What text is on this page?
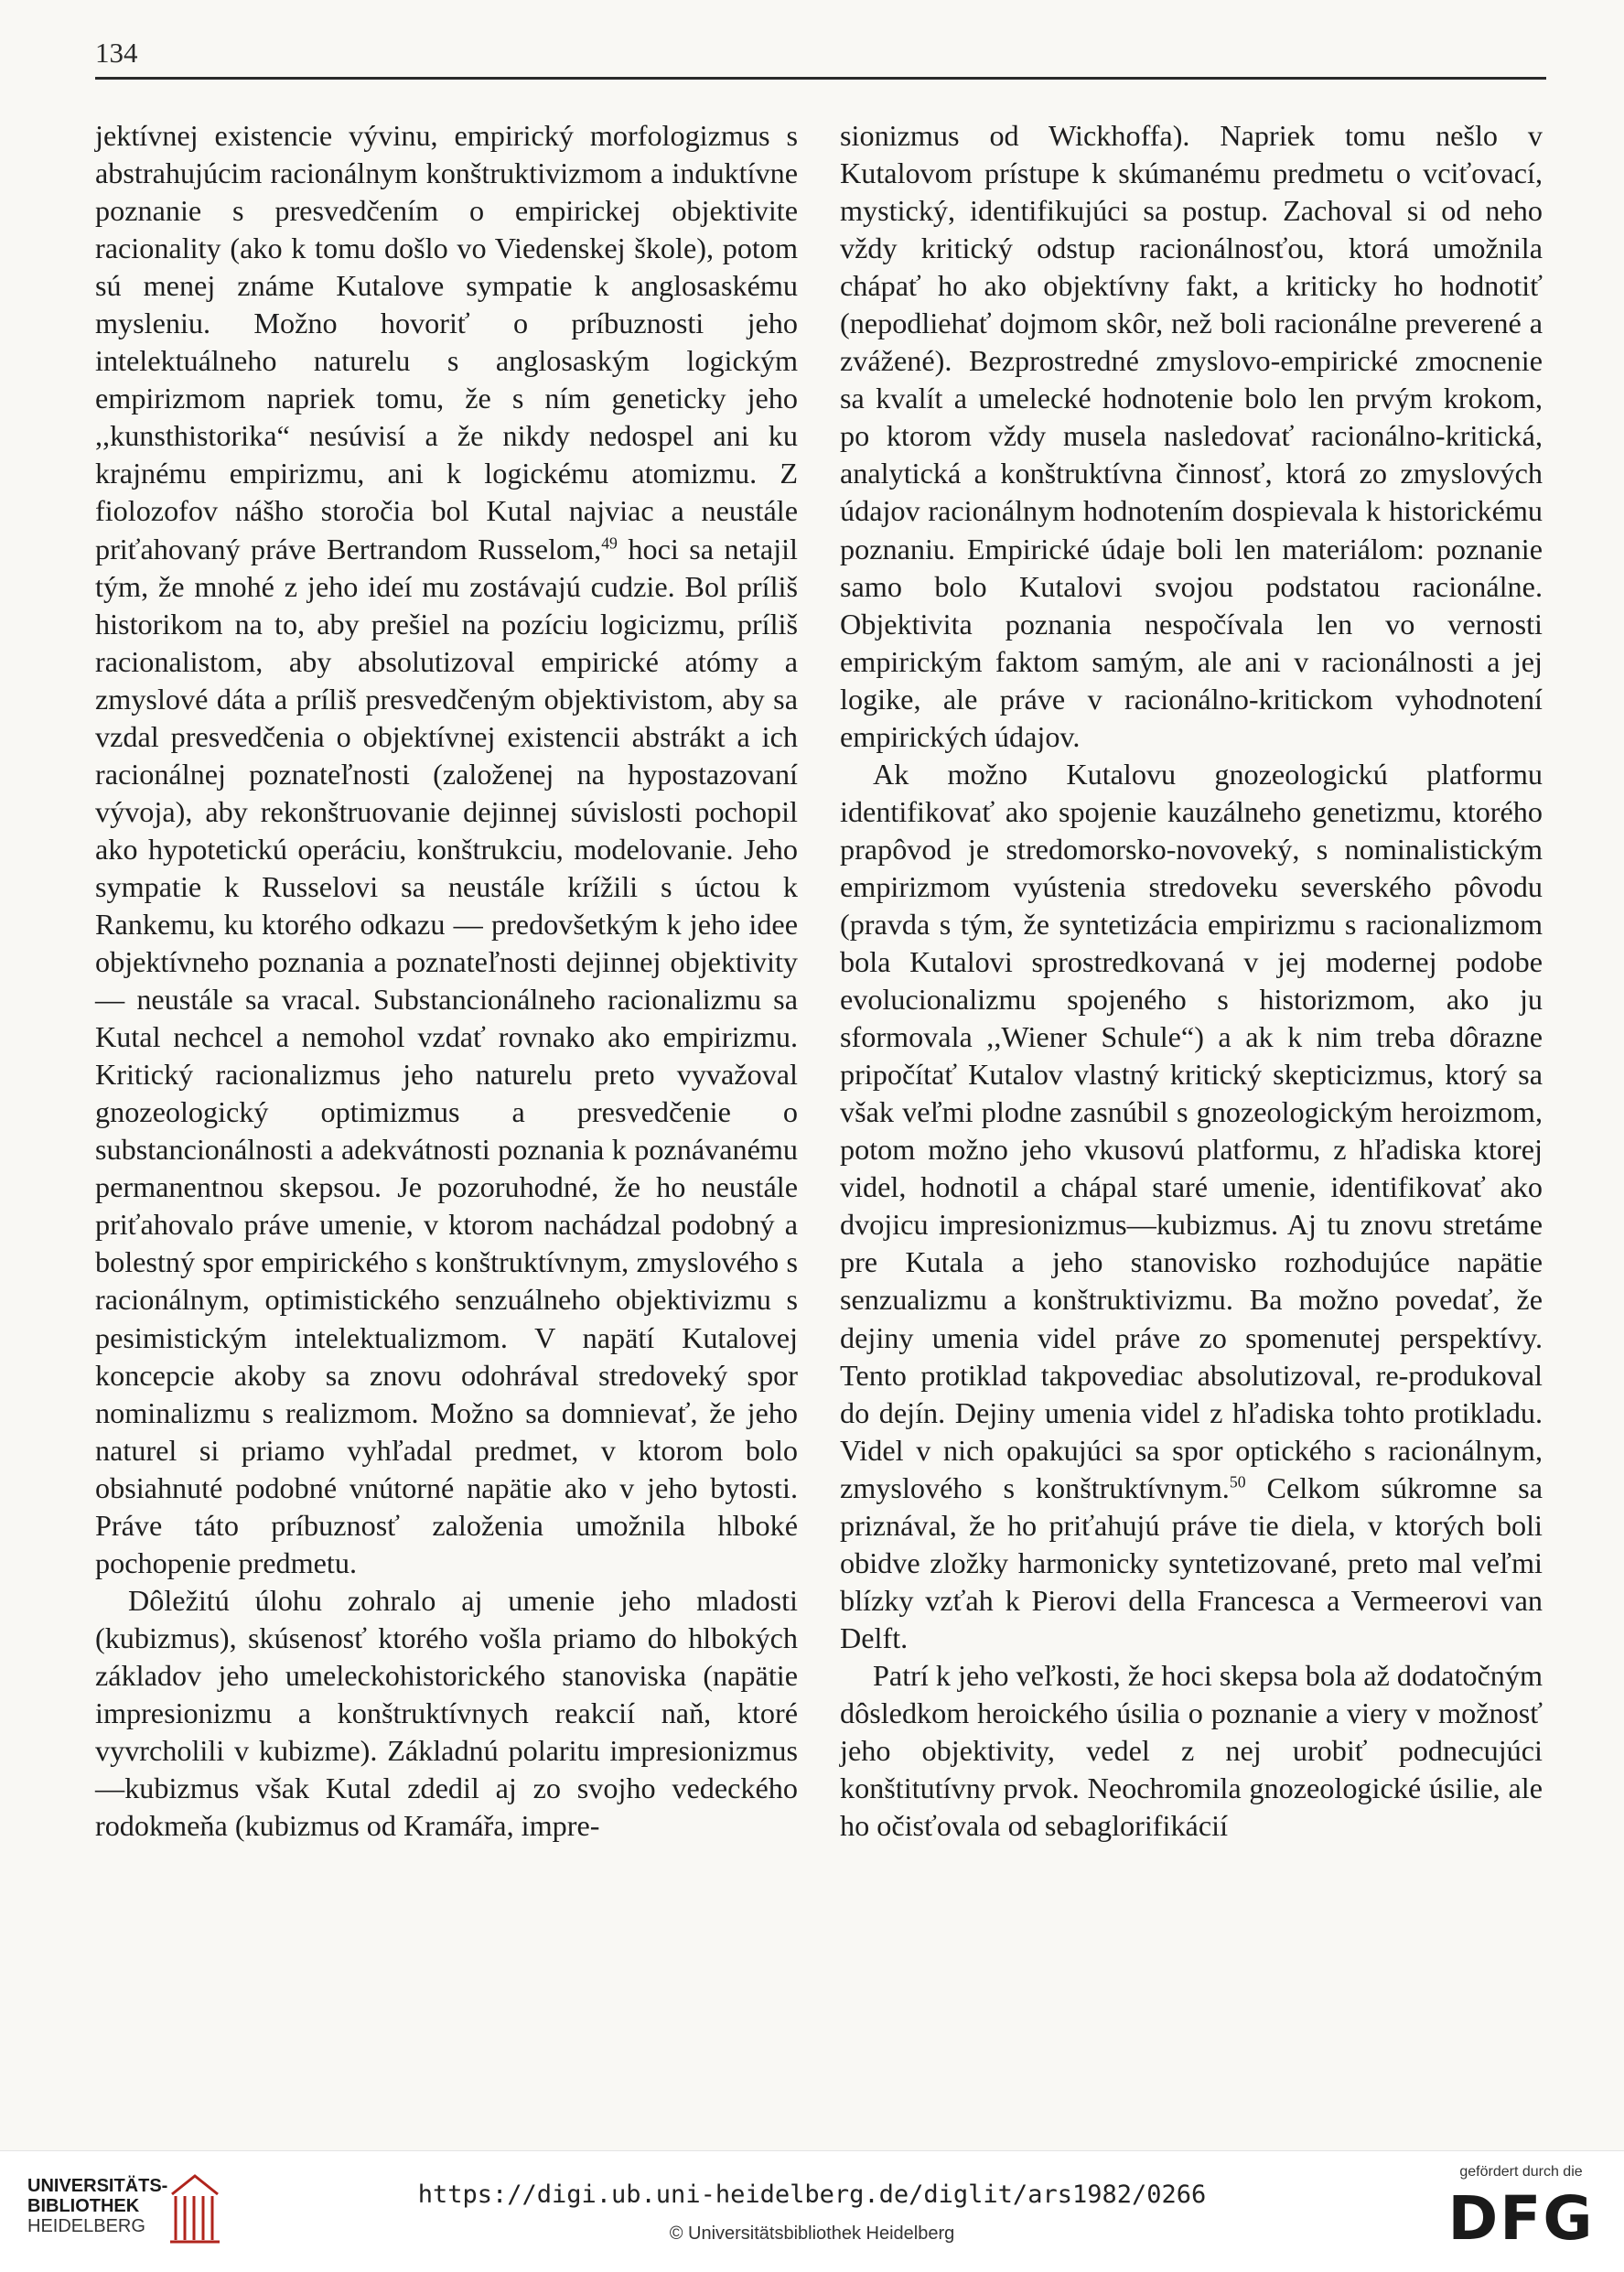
134

jektívnej existencie vývinu, empirický morfologizmus s abstrahujúcim racionálnym konštruktivizmom a induktívne poznanie s presvedčením o empirickej objektivite racionality (ako k tomu došlo vo Viedenskej škole), potom sú menej známe Kutalove sympatie k anglosaskému mysleniu. Možno hovoriť o príbuznosti jeho intelektuálneho naturelu s anglosaským logickým empirizmom napriek tomu, že s ním geneticky jeho ,,kunsthistorika“ nesúvisí a že nikdy nedospel ani ku krajnému empirizmu, ani k logickému atomizmu. Z fiolozofov nášho storočia bol Kutal najviac a neustále priťahovaný práve Bertrandom Russelom,$^{49}$ hoci sa netajil tým, že mnohé z jeho ideí mu zostávajú cudzie. Bol príliš historikom na to, aby prešiel na pozíciu logicizmu, príliš racionalistom, aby absolutizoval empirické atómy a zmyslové dáta a príliš presvedčeným objektivistom, aby sa vzdal presvedčenia o objektívnej existencii abstrákt a ich racionálnej poznateľnosti (založenej na hypostazovaní vývoja), aby rekonštruovanie dejinnej súvislosti pochopil ako hypotetickú operáciu, konštrukciu, modelovanie. Jeho sympatie k Russelovi sa neustále krížili s úctou k Rankemu, ku ktorého odkazu — predovšetkým k jeho idee objektívneho poznania a poznateľnosti dejinnej objektivity — neustále sa vracal. Substancionálneho racionalizmu sa Kutal nechcel a nemohol vzdať rovnako ako empirizmu. Kritický racionalizmus jeho naturelu preto vyvažoval gnozeologický optimizmus a presvedčenie o substancionálnosti a adekvátnosti poznania k poznávanému permanentnou skepsou. Je pozoruhodné, že ho neustále priťahovalo práve umenie, v ktorom nachádzal podobný a bolestný spor empirického s konštruktívnym, zmyslového s racionálnym, optimistického senzuálneho objektivizmu s pesimistickým intelektualizmom. V napätí Kutalovej koncepcie akoby sa znovu odohrával stredoveký spor nominalizmu s realizmom. Možno sa domnievať, že jeho naturel si priamo vyhľadal predmet, v ktorom bolo obsiahnuté podobné vnútorné napätie ako v jeho bytosti. Práve táto príbuznosť založenia umožnila hlboké pochopenie predmetu.

Dôležitú úlohu zohralo aj umenie jeho mladosti (kubizmus), skúsenosť ktorého vošla priamo do hlbokých základov jeho umeleckohistorického stanoviska (napätie impresionizmu a konštruktívnych reakcií naň, ktoré vyvrcholili v kubizme). Základnú polaritu impresionizmus—kubizmus však Kutal zdedil aj zo svojho vedeckého rodokmeňa (kubizmus od Kramářa, impre-

sionizmus od Wickhoffa). Napriek tomu nešlo v Kutalovom prístupe k skúmanému predmetu o vciťovací, mystický, identifikujúci sa postup. Zachoval si od neho vždy kritický odstup racionálnosťou, ktorá umožnila chápať ho ako objektívny fakt, a kriticky ho hodnotiť (nepodliehať dojmom skôr, než boli racionálne preverené a zvážené). Bezprostredné zmyslovo-empirické zmocnenie sa kvalít a umelecké hodnotenie bolo len prvým krokom, po ktorom vždy musela nasledovať racionálno-kritická, analytická a konštruktívna činnosť, ktorá zo zmyslových údajov racionálnym hodnotením dospievala k historickému poznaniu. Empirické údaje boli len materiálom: poznanie samo bolo Kutalovi svojou podstatou racionálne. Objektivita poznania nespočívala len vo vernosti empirickým faktom samým, ale ani v racionálnosti a jej logike, ale práve v racionálno-kritickom vyhodnotení empirických údajov.

Ak možno Kutalovu gnozeologickú platformu identifikovať ako spojenie kauzálneho genetizmu, ktorého prapôvod je stredomorsko-novoveký, s nominalistickým empirizmom vyústenia stredoveku severského pôvodu (pravda s tým, že syntetizácia empirizmu s racionalizmom bola Kutalovi sprostredkovaná v jej modernej podobe evolucionalizmu spojeného s historizmom, ako ju sformovala ,,Wiener Schule“) a ak k nim treba dôrazne pripočítať Kutalov vlastný kritický skepticizmus, ktorý sa však veľmi plodne zasnúbil s gnozeologickým heroizmom, potom možno jeho vkusovú platformu, z hľadiska ktorej videl, hodnotil a chápal staré umenie, identifikovať ako dvojicu impresionizmus—kubizmus. Aj tu znovu stretáme pre Kutala a jeho stanovisko rozhodujúce napätie senzualizmu a konštruktivizmu. Ba možno povedať, že dejiny umenia videl práve zo spomenutej perspektívy. Tento protiklad takpovediac absolutizoval, re-produkoval do dejín. Dejiny umenia videl z hľadiska tohto protikladu. Videl v nich opakujúci sa spor optického s racionálnym, zmyslového s konštruktívnym.$^{50}$ Celkom súkromne sa priznával, že ho priťahujú práve tie diela, v ktorých boli obidve zložky harmonicky syntetizované, preto mal veľmi blízky vzťah k Pierovi della Francesca a Vermeerovi van Delft.

Patrí k jeho veľkosti, že hoci skepsa bola až dodatočným dôsledkom heroického úsilia o poznanie a viery v možnosť jeho objektivity, vedel z nej urobiť podnecujúci konštitutívny prvok. Neochromila gnozeologické úsilie, ale ho očisťovala od sebaglorifikácií

UNIVERSITÄTS-
BIBLIOTHEK
HEIDELBERG
https://digi.ub.uni-heidelberg.de/diglit/ars1982/0266
© Universitätsbibliothek Heidelberg
gefördert durch die
DFG
